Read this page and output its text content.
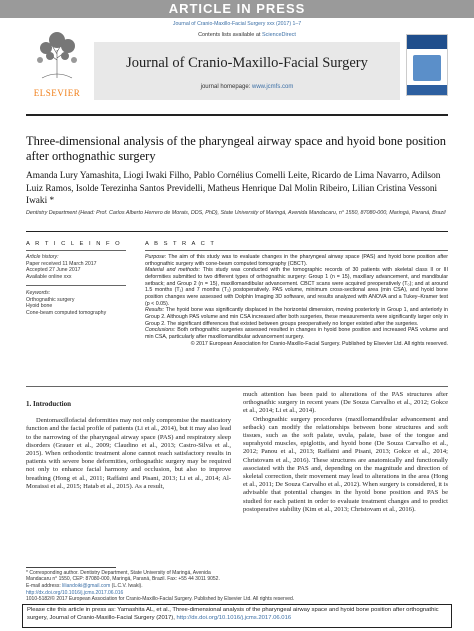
ARTICLE IN PRESS
Journal of Cranio-Maxillo-Facial Surgery xxx (2017) 1–7
ELSEVIER
Contents lists available at ScienceDirect
Journal of Cranio-Maxillo-Facial Surgery
journal homepage: www.jcmfs.com
Three-dimensional analysis of the pharyngeal airway space and hyoid bone position after orthognathic surgery
Amanda Lury Yamashita, Liogi Iwaki Filho, Pablo Cornélius Comelli Leite, Ricardo de Lima Navarro, Adilson Luiz Ramos, Isolde Terezinha Santos Previdelli, Matheus Henrique Dal Molin Ribeiro, Lilian Cristina Vessoni Iwaki *
Dentistry Department (Head: Prof. Carlos Alberto Herrero de Morais, DDS, PhD), State University of Maringá, Avenida Mandacaru, n° 1550, 87080-000, Maringá, Paraná, Brazil
A R T I C L E I N F O
Article history:
Paper received 11 March 2017
Accepted 27 June 2017
Available online xxx
Keywords:
Orthognathic surgery
Hyoid bone
Cone-beam computed tomography
A B S T R A C T
Purpose: The aim of this study was to evaluate changes in the pharyngeal airway space (PAS) and hyoid bone position after orthognathic surgery with cone-beam computed tomography (CBCT).
Material and methods: This study was conducted with the tomographic records of 30 patients with skeletal class II or III deformities submitted to two different types of orthognathic surgery: Group 1 (n = 15), maxillary advancement, and mandibular setback; and Group 2 (n = 15), maxillomandibular advancement. CBCT scans were acquired preoperatively (T₀); and at around 1.5 months (T₁) and 7 months (T₂) postoperatively. PAS volume, minimum cross-sectional area (min CSA), and hyoid bone position changes were assessed with Dolphin Imaging 3D software, and results analyzed with ANOVA and a Tukey–Kramer test (p < 0.05).
Results: The hyoid bone was significantly displaced in the horizontal dimension, moving posteriorly in Group 1, and anteriorly in Group 2. Although PAS volume and min CSA increased after both surgeries, these measurements were significantly larger only in Group 2. The significant differences that existed between groups preoperatively no longer existed after the surgeries.
Conclusions: Both orthognathic surgeries assessed resulted in changes in hyoid bone position and increased PAS volume and min CSA, particularly after maxillomandibular advancement surgery.
© 2017 European Association for Cranio-Maxillo-Facial Surgery. Published by Elsevier Ltd. All rights reserved.
1. Introduction
Dentomaxillofacial deformities may not only compromise the masticatory function and the facial profile of patients (Li et al., 2014), but it may also lead to the narrowing of the pharyngeal airway space (PAS) and respiratory sleep disorders (Grauer et al., 2009; Claudino et al., 2013; Castro-Silva et al., 2015). When orthodontic treatment alone cannot reach satisfactory results in patients with severe bone deformities, orthognathic surgery may be required not only to enhance facial harmony and occlusion, but also to improve breathing (Hong et al., 2011; Raffaini and Pisani, 2013; Li et al., 2014; Al-Moraissi et al., 2015; Hatab et al., 2015). As a result,
much attention has been paid to alterations of the PAS structures after orthognathic surgery in recent years (De Souza Carvalho et al., 2012; Gokce et al., 2014; Li et al., 2014).
Orthognathic surgery procedures (maxillomandibular advancement and setback) can modify the relationships between bone structures and soft tissues, such as the soft palate, uvula, palate, base of the tongue and suprahyoid muscles, epiglottis, and hyoid bone (De Souza Carvalho et al., 2012; Panou et al., 2013; Raffaini and Pisani, 2013; Gokce et al., 2014; Christovam et al., 2016). These structures are anatomically and functionally associated with the PAS and, depending on the magnitude and direction of skeletal correction, their movement may lead to alterations in the area (Hong et al., 2011; De Souza Carvalho et al., 2012). When surgery is considered, it is advisable that potential changes in the hyoid bone position and PAS be studied for each patient in order to evaluate treatment changes and to predict postoperative stability (Kim et al., 2013; Christovam et al., 2016).
* Corresponding author. Dentistry Department, State University of Maringá, Avenida Mandacaru n° 1550, CEP: 87080-000, Maringá, Paraná, Brazil. Fax: +55 44 3011 9052.
E-mail address: liliandoiki@gmail.com (L.C.V. Iwaki).
http://dx.doi.org/10.1016/j.jcms.2017.06.016
1010-5182/© 2017 European Association for Cranio-Maxillo-Facial Surgery. Published by Elsevier Ltd. All rights reserved.
Please cite this article in press as: Yamashita AL, et al., Three-dimensional analysis of the pharyngeal airway space and hyoid bone position after orthognathic surgery, Journal of Cranio-Maxillo-Facial Surgery (2017), http://dx.doi.org/10.1016/j.jcms.2017.06.016
